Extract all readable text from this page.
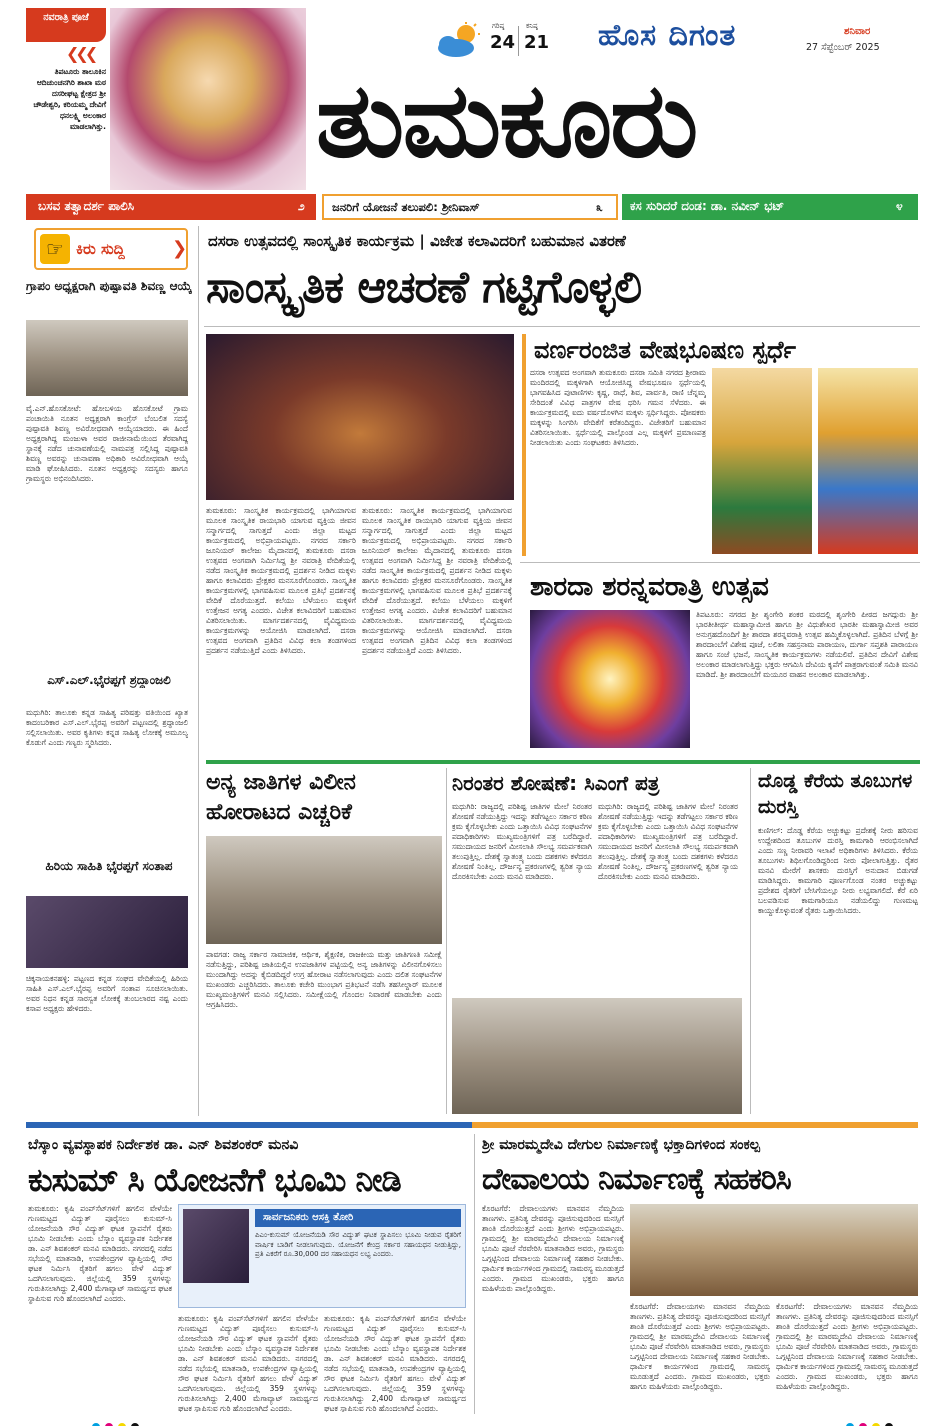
ನವರಾತ್ರಿ ಪೂಜೆ
❮❮❮
ತಿಪಟೂರು ತಾಲೂಕಿನ ಆದಿಚುಂಚನಗಿರಿ ಶಾಖಾ ಮಠ ದಸರೀಘಟ್ಟ ಕ್ಷೇತ್ರದ ಶ್ರೀ ಚೌಡೇಶ್ವರಿ, ಕರಿಯಮ್ಮ ದೇವಿಗೆ ಧನಲಕ್ಷ್ಮಿ ಅಲಂಕಾರ ಮಾಡಲಾಗಿತ್ತು.
ಗರಿಷ್ಠ
24
ಕನಿಷ್ಠ
21 ಹೊಸ ದಿಗಂತ	ಶನಿವಾರ
27 ಸೆಪ್ಟೆಂಬರ್ 2025
ತುಮಕೂರು
ಬಸವ ತತ್ವಾದರ್ಶ ಪಾಲಿಸಿ	೨ ಜನರಿಗೆ ಯೋಜನೆ ತಲುಪಲಿ: ಶ್ರೀನಿವಾಸ್	೩ ಕಸ ಸುರಿದರೆ ದಂಡ: ಡಾ. ನವೀನ್ ಭಟ್	೪
☞ ಕಿರು ಸುದ್ದಿ	❯
ಗ್ರಾಪಂ ಅಧ್ಯಕ್ಷರಾಗಿ ಪುಷ್ಪಾವತಿ ಶಿವಣ್ಣ ಆಯ್ಕೆ
ವೈ.ಎನ್.ಹೊಸಕೋಟೆ: ಹೋಬಳಿಯ ಹೊಸಕೋಟೆ ಗ್ರಾಮ ಪಂಚಾಯಿತಿ ನೂತನ ಅಧ್ಯಕ್ಷರಾಗಿ ಕಾಂಗ್ರೆಸ್ ಬೆಂಬಲಿತ ಸದಸ್ಯೆ ಪುಷ್ಪಾವತಿ ಶಿವಣ್ಣ ಅವಿರೋಧವಾಗಿ ಆಯ್ಕೆಯಾದರು. ಈ ಹಿಂದೆ ಅಧ್ಯಕ್ಷರಾಗಿದ್ದ ಮಂಜುಳಾ ಅವರ ರಾಜೀನಾಮೆಯಿಂದ ತೆರವಾಗಿದ್ದ ಸ್ಥಾನಕ್ಕೆ ನಡೆದ ಚುನಾವಣೆಯಲ್ಲಿ ನಾಮಪತ್ರ ಸಲ್ಲಿಸಿದ್ದ ಪುಷ್ಪಾವತಿ ಶಿವಣ್ಣ ಅವರನ್ನು ಚುನಾವಣಾ ಅಧಿಕಾರಿ ಅವಿರೋಧವಾಗಿ ಆಯ್ಕೆ ಮಾಡಿ ಘೋಷಿಸಿದರು. ನೂತನ ಅಧ್ಯಕ್ಷರನ್ನು ಸದಸ್ಯರು ಹಾಗೂ ಗ್ರಾಮಸ್ಥರು ಅಭಿನಂದಿಸಿದರು.
ಎಸ್.ಎಲ್.ಭೈರಪ್ಪಗೆ ಶ್ರದ್ಧಾಂಜಲಿ
ಮಧುಗಿರಿ: ತಾಲೂಕು ಕನ್ನಡ ಸಾಹಿತ್ಯ ಪರಿಷತ್ತು ವತಿಯಿಂದ ಖ್ಯಾತ ಕಾದಂಬರಿಕಾರ ಎಸ್.ಎಲ್.ಭೈರಪ್ಪ ಅವರಿಗೆ ಪಟ್ಟಣದಲ್ಲಿ ಶ್ರದ್ಧಾಂಜಲಿ ಸಲ್ಲಿಸಲಾಯಿತು. ಅವರ ಕೃತಿಗಳು ಕನ್ನಡ ಸಾಹಿತ್ಯ ಲೋಕಕ್ಕೆ ಅಮೂಲ್ಯ ಕೊಡುಗೆ ಎಂದು ಗಣ್ಯರು ಸ್ಮರಿಸಿದರು.
ಹಿರಿಯ ಸಾಹಿತಿ ಭೈರಪ್ಪಗೆ ಸಂತಾಪ
ಚಿಕ್ಕನಾಯಕನಹಳ್ಳಿ: ಪಟ್ಟಣದ ಕನ್ನಡ ಸಂಘದ ವೇದಿಕೆಯಲ್ಲಿ ಹಿರಿಯ ಸಾಹಿತಿ ಎಸ್.ಎಲ್.ಭೈರಪ್ಪ ಅವರಿಗೆ ಸಂತಾಪ ಸೂಚಿಸಲಾಯಿತು. ಅವರ ನಿಧನ ಕನ್ನಡ ಸಾರಸ್ವತ ಲೋಕಕ್ಕೆ ತುಂಬಲಾರದ ನಷ್ಟ ಎಂದು ಕಸಾಪ ಅಧ್ಯಕ್ಷರು ಹೇಳಿದರು.
ದಸರಾ ಉತ್ಸವದಲ್ಲಿ ಸಾಂಸ್ಕೃತಿಕ ಕಾರ್ಯಕ್ರಮ | ವಿಜೇತ ಕಲಾವಿದರಿಗೆ ಬಹುಮಾನ ವಿತರಣೆ
ಸಾಂಸ್ಕೃತಿಕ ಆಚರಣೆ ಗಟ್ಟಿಗೊಳ್ಳಲಿ
ತುಮಕೂರು: ಸಾಂಸ್ಕೃತಿಕ ಕಾರ್ಯಕ್ರಮದಲ್ಲಿ ಭಾಗಿಯಾಗುವ ಮೂಲಕ ಸಾಂಸ್ಕೃತಿಕ ರಾಯಭಾರಿ ಯಾಗುವ ವ್ಯಕ್ತಿಯ ಜೀವನ ಸನ್ಮಾರ್ಗದಲ್ಲಿ ಸಾಗುತ್ತದೆ ಎಂದು ಜಿಲ್ಲಾ ಮಟ್ಟದ ಕಾರ್ಯಕ್ರಮದಲ್ಲಿ ಅಭಿಪ್ರಾಯಪಟ್ಟರು. ನಗರದ ಸರ್ಕಾರಿ ಜೂನಿಯರ್ ಕಾಲೇಜು ಮೈದಾನದಲ್ಲಿ ತುಮಕೂರು ದಸರಾ ಉತ್ಸವದ ಅಂಗವಾಗಿ ನಿರ್ಮಿಸಿದ್ದ ಶ್ರೀ ನವರಾತ್ರಿ ವೇದಿಕೆಯಲ್ಲಿ ನಡೆದ ಸಾಂಸ್ಕೃತಿಕ ಕಾರ್ಯಕ್ರಮದಲ್ಲಿ ಪ್ರದರ್ಶನ ನೀಡಿದ ಮಕ್ಕಳು ಹಾಗೂ ಕಲಾವಿದರು ಪ್ರೇಕ್ಷಕರ ಮನಸೂರೆಗೊಂಡರು. ಸಾಂಸ್ಕೃತಿಕ ಕಾರ್ಯಕ್ರಮಗಳಲ್ಲಿ ಭಾಗವಹಿಸುವ ಮೂಲಕ ಪ್ರತಿಭೆ ಪ್ರದರ್ಶನಕ್ಕೆ ವೇದಿಕೆ ದೊರೆಯುತ್ತದೆ. ಕಲೆಯು ಬೆಳೆಯಲು ಮಕ್ಕಳಿಗೆ ಉತ್ತೇಜನ ಅಗತ್ಯ ಎಂದರು. ವಿಜೇತ ಕಲಾವಿದರಿಗೆ ಬಹುಮಾನ ವಿತರಿಸಲಾಯಿತು. ಮಾರ್ಗದರ್ಶನದಲ್ಲಿ ವೈವಿಧ್ಯಮಯ ಕಾರ್ಯಕ್ರಮಗಳನ್ನು ಆಯೋಜಿಸಿ ಮಾಡಲಾಗಿದೆ. ದಸರಾ ಉತ್ಸವದ ಅಂಗವಾಗಿ ಪ್ರತಿದಿನ ವಿವಿಧ ಕಲಾ ತಂಡಗಳಿಂದ ಪ್ರದರ್ಶನ ನಡೆಯುತ್ತಿದೆ ಎಂದು ತಿಳಿಸಿದರು.
ತುಮಕೂರು: ಸಾಂಸ್ಕೃತಿಕ ಕಾರ್ಯಕ್ರಮದಲ್ಲಿ ಭಾಗಿಯಾಗುವ ಮೂಲಕ ಸಾಂಸ್ಕೃತಿಕ ರಾಯಭಾರಿ ಯಾಗುವ ವ್ಯಕ್ತಿಯ ಜೀವನ ಸನ್ಮಾರ್ಗದಲ್ಲಿ ಸಾಗುತ್ತದೆ ಎಂದು ಜಿಲ್ಲಾ ಮಟ್ಟದ ಕಾರ್ಯಕ್ರಮದಲ್ಲಿ ಅಭಿಪ್ರಾಯಪಟ್ಟರು. ನಗರದ ಸರ್ಕಾರಿ ಜೂನಿಯರ್ ಕಾಲೇಜು ಮೈದಾನದಲ್ಲಿ ತುಮಕೂರು ದಸರಾ ಉತ್ಸವದ ಅಂಗವಾಗಿ ನಿರ್ಮಿಸಿದ್ದ ಶ್ರೀ ನವರಾತ್ರಿ ವೇದಿಕೆಯಲ್ಲಿ ನಡೆದ ಸಾಂಸ್ಕೃತಿಕ ಕಾರ್ಯಕ್ರಮದಲ್ಲಿ ಪ್ರದರ್ಶನ ನೀಡಿದ ಮಕ್ಕಳು ಹಾಗೂ ಕಲಾವಿದರು ಪ್ರೇಕ್ಷಕರ ಮನಸೂರೆಗೊಂಡರು. ಸಾಂಸ್ಕೃತಿಕ ಕಾರ್ಯಕ್ರಮಗಳಲ್ಲಿ ಭಾಗವಹಿಸುವ ಮೂಲಕ ಪ್ರತಿಭೆ ಪ್ರದರ್ಶನಕ್ಕೆ ವೇದಿಕೆ ದೊರೆಯುತ್ತದೆ. ಕಲೆಯು ಬೆಳೆಯಲು ಮಕ್ಕಳಿಗೆ ಉತ್ತೇಜನ ಅಗತ್ಯ ಎಂದರು. ವಿಜೇತ ಕಲಾವಿದರಿಗೆ ಬಹುಮಾನ ವಿತರಿಸಲಾಯಿತು. ಮಾರ್ಗದರ್ಶನದಲ್ಲಿ ವೈವಿಧ್ಯಮಯ ಕಾರ್ಯಕ್ರಮಗಳನ್ನು ಆಯೋಜಿಸಿ ಮಾಡಲಾಗಿದೆ. ದಸರಾ ಉತ್ಸವದ ಅಂಗವಾಗಿ ಪ್ರತಿದಿನ ವಿವಿಧ ಕಲಾ ತಂಡಗಳಿಂದ ಪ್ರದರ್ಶನ ನಡೆಯುತ್ತಿದೆ ಎಂದು ತಿಳಿಸಿದರು.
ವರ್ಣರಂಜಿತ ವೇಷಭೂಷಣ ಸ್ಪರ್ಧೆ
ದಸರಾ ಉತ್ಸವದ ಅಂಗವಾಗಿ ತುಮಕೂರು ದಸರಾ ಸಮಿತಿ ನಗರದ ಶ್ರೀರಾಮ ಮಂದಿರದಲ್ಲಿ ಮಕ್ಕಳಿಗಾಗಿ ಆಯೋಜಿಸಿದ್ದ ವೇಷಭೂಷಣ ಸ್ಪರ್ಧೆಯಲ್ಲಿ ಭಾಗವಹಿಸಿದ ಪುಟಾಣಿಗಳು ಕೃಷ್ಣ, ರಾಧೆ, ಶಿವ, ಪಾರ್ವತಿ, ರಾಣಿ ಚೆನ್ನಮ್ಮ ಸೇರಿದಂತೆ ವಿವಿಧ ಪಾತ್ರಗಳ ವೇಷ ಧರಿಸಿ ಗಮನ ಸೆಳೆದರು. ಈ ಕಾರ್ಯಕ್ರಮದಲ್ಲಿ ಐದು ವರ್ಷದೊಳಗಿನ ಮಕ್ಕಳು ಸ್ಪರ್ಧಿಸಿದ್ದರು. ಪೋಷಕರು ಮಕ್ಕಳನ್ನು ಸಿಂಗರಿಸಿ ವೇದಿಕೆಗೆ ಕರೆತಂದಿದ್ದರು. ವಿಜೇತರಿಗೆ ಬಹುಮಾನ ವಿತರಿಸಲಾಯಿತು. ಸ್ಪರ್ಧೆಯಲ್ಲಿ ಪಾಲ್ಗೊಂಡ ಎಲ್ಲ ಮಕ್ಕಳಿಗೆ ಪ್ರಮಾಣಪತ್ರ ನೀಡಲಾಯಿತು ಎಂದು ಸಂಘಟಕರು ತಿಳಿಸಿದರು.
ಶಾರದಾ ಶರನ್ನವರಾತ್ರಿ ಉತ್ಸವ
ತಿಪಟೂರು: ನಗರದ ಶ್ರೀ ಶೃಂಗೇರಿ ಶಂಕರ ಮಠದಲ್ಲಿ ಶೃಂಗೇರಿ ಪೀಠದ ಜಗದ್ಗುರು ಶ್ರೀ ಭಾರತೀತೀರ್ಥ ಮಹಾಸ್ವಾಮೀಜಿ ಹಾಗೂ ಶ್ರೀ ವಿಧುಶೇಖರ ಭಾರತೀ ಮಹಾಸ್ವಾಮೀಜಿ ಅವರ ಅನುಗ್ರಹದೊಂದಿಗೆ ಶ್ರೀ ಶಾರದಾ ಶರನ್ನವರಾತ್ರಿ ಉತ್ಸವ ಹಮ್ಮಿಕೊಳ್ಳಲಾಗಿದೆ. ಪ್ರತಿದಿನ ಬೆಳಗ್ಗೆ ಶ್ರೀ ಶಾರದಾಂಬೆಗೆ ವಿಶೇಷ ಪೂಜೆ, ಲಲಿತಾ ಸಹಸ್ರನಾಮ ಪಾರಾಯಣ, ದುರ್ಗಾ ಸಪ್ತಶತಿ ಪಾರಾಯಣ ಹಾಗೂ ಸಂಜೆ ಭಜನೆ, ಸಾಂಸ್ಕೃತಿಕ ಕಾರ್ಯಕ್ರಮಗಳು ನಡೆಯಲಿವೆ. ಪ್ರತಿದಿನ ದೇವಿಗೆ ವಿಶೇಷ ಅಲಂಕಾರ ಮಾಡಲಾಗುತ್ತಿದ್ದು ಭಕ್ತರು ಆಗಮಿಸಿ ದೇವಿಯ ಕೃಪೆಗೆ ಪಾತ್ರರಾಗುವಂತೆ ಸಮಿತಿ ಮನವಿ ಮಾಡಿದೆ. ಶ್ರೀ ಶಾರದಾಂಬೆಗೆ ಮಯೂರ ವಾಹನ ಅಲಂಕಾರ ಮಾಡಲಾಗಿತ್ತು.
ಅನ್ಯ ಜಾತಿಗಳ ವಿಲೀನ ಹೋರಾಟದ ಎಚ್ಚರಿಕೆ
ಪಾವಗಡ: ರಾಜ್ಯ ಸರ್ಕಾರ ಸಾಮಾಜಿಕ, ಆರ್ಥಿಕ, ಶೈಕ್ಷಣಿಕ, ರಾಜಕೀಯ ಮತ್ತು ಜಾತಿಗಣತಿ ಸಮೀಕ್ಷೆ ನಡೆಸುತ್ತಿದ್ದು, ಪರಿಶಿಷ್ಟ ಜಾತಿಯಲ್ಲಿನ ಉಪಜಾತಿಗಳ ಪಟ್ಟಿಯಲ್ಲಿ ಅನ್ಯ ಜಾತಿಗಳನ್ನು ವಿಲೀನಗೊಳಿಸಲು ಮುಂದಾಗಿದ್ದು ಅದನ್ನು ಕೈಬಿಡದಿದ್ದರೆ ಉಗ್ರ ಹೋರಾಟ ನಡೆಸಲಾಗುವುದು ಎಂದು ದಲಿತ ಸಂಘಟನೆಗಳ ಮುಖಂಡರು ಎಚ್ಚರಿಸಿದರು. ತಾಲೂಕು ಕಚೇರಿ ಮುಂಭಾಗ ಪ್ರತಿಭಟನೆ ನಡೆಸಿ ತಹಸೀಲ್ದಾರ್ ಮೂಲಕ ಮುಖ್ಯಮಂತ್ರಿಗಳಿಗೆ ಮನವಿ ಸಲ್ಲಿಸಿದರು. ಸಮೀಕ್ಷೆಯಲ್ಲಿ ಗೊಂದಲ ನಿವಾರಣೆ ಮಾಡಬೇಕು ಎಂದು ಆಗ್ರಹಿಸಿದರು.
ನಿರಂತರ ಶೋಷಣೆ: ಸಿಎಂಗೆ ಪತ್ರ
ಮಧುಗಿರಿ: ರಾಜ್ಯದಲ್ಲಿ ಪರಿಶಿಷ್ಟ ಜಾತಿಗಳ ಮೇಲೆ ನಿರಂತರ ಶೋಷಣೆ ನಡೆಯುತ್ತಿದ್ದು ಇದನ್ನು ತಡೆಗಟ್ಟಲು ಸರ್ಕಾರ ಕಠಿಣ ಕ್ರಮ ಕೈಗೊಳ್ಳಬೇಕು ಎಂದು ಒತ್ತಾಯಿಸಿ ವಿವಿಧ ಸಂಘಟನೆಗಳ ಪದಾಧಿಕಾರಿಗಳು ಮುಖ್ಯಮಂತ್ರಿಗಳಿಗೆ ಪತ್ರ ಬರೆದಿದ್ದಾರೆ. ಸಮುದಾಯದ ಜನರಿಗೆ ಮೀಸಲಾತಿ ಸೌಲಭ್ಯ ಸಮರ್ಪಕವಾಗಿ ತಲುಪುತ್ತಿಲ್ಲ. ದೇಶಕ್ಕೆ ಸ್ವಾತಂತ್ರ್ಯ ಬಂದು ದಶಕಗಳು ಕಳೆದರೂ ಶೋಷಣೆ ನಿಂತಿಲ್ಲ. ದೌರ್ಜನ್ಯ ಪ್ರಕರಣಗಳಲ್ಲಿ ತ್ವರಿತ ನ್ಯಾಯ ದೊರಕಿಸಬೇಕು ಎಂದು ಮನವಿ ಮಾಡಿದರು.
ಮಧುಗಿರಿ: ರಾಜ್ಯದಲ್ಲಿ ಪರಿಶಿಷ್ಟ ಜಾತಿಗಳ ಮೇಲೆ ನಿರಂತರ ಶೋಷಣೆ ನಡೆಯುತ್ತಿದ್ದು ಇದನ್ನು ತಡೆಗಟ್ಟಲು ಸರ್ಕಾರ ಕಠಿಣ ಕ್ರಮ ಕೈಗೊಳ್ಳಬೇಕು ಎಂದು ಒತ್ತಾಯಿಸಿ ವಿವಿಧ ಸಂಘಟನೆಗಳ ಪದಾಧಿಕಾರಿಗಳು ಮುಖ್ಯಮಂತ್ರಿಗಳಿಗೆ ಪತ್ರ ಬರೆದಿದ್ದಾರೆ. ಸಮುದಾಯದ ಜನರಿಗೆ ಮೀಸಲಾತಿ ಸೌಲಭ್ಯ ಸಮರ್ಪಕವಾಗಿ ತಲುಪುತ್ತಿಲ್ಲ. ದೇಶಕ್ಕೆ ಸ್ವಾತಂತ್ರ್ಯ ಬಂದು ದಶಕಗಳು ಕಳೆದರೂ ಶೋಷಣೆ ನಿಂತಿಲ್ಲ. ದೌರ್ಜನ್ಯ ಪ್ರಕರಣಗಳಲ್ಲಿ ತ್ವರಿತ ನ್ಯಾಯ ದೊರಕಿಸಬೇಕು ಎಂದು ಮನವಿ ಮಾಡಿದರು.
ದೊಡ್ಡ ಕೆರೆಯ ತೂಬುಗಳ ದುರಸ್ತಿ
ಕುಣಿಗಲ್: ದೊಡ್ಡ ಕೆರೆಯ ಅಚ್ಚುಕಟ್ಟು ಪ್ರದೇಶಕ್ಕೆ ನೀರು ಹರಿಸುವ ಉದ್ದೇಶದಿಂದ ತೂಬುಗಳ ದುರಸ್ತಿ ಕಾಮಗಾರಿ ಆರಂಭಿಸಲಾಗಿದೆ ಎಂದು ಸಣ್ಣ ನೀರಾವರಿ ಇಲಾಖೆ ಅಧಿಕಾರಿಗಳು ತಿಳಿಸಿದರು. ಕೆರೆಯ ತೂಬುಗಳು ಶಿಥಿಲಗೊಂಡಿದ್ದರಿಂದ ನೀರು ಪೋಲಾಗುತ್ತಿತ್ತು. ರೈತರ ಮನವಿ ಮೇರೆಗೆ ಶಾಸಕರು ದುರಸ್ತಿಗೆ ಅನುದಾನ ಬಿಡುಗಡೆ ಮಾಡಿಸಿದ್ದರು. ಕಾಮಗಾರಿ ಪೂರ್ಣಗೊಂಡ ನಂತರ ಅಚ್ಚುಕಟ್ಟು ಪ್ರದೇಶದ ರೈತರಿಗೆ ಬೇಸಿಗೆಯಲ್ಲೂ ನೀರು ಲಭ್ಯವಾಗಲಿದೆ. ಕೆರೆ ಏರಿ ಬಲಪಡಿಸುವ ಕಾಮಗಾರಿಯೂ ನಡೆಯಲಿದ್ದು ಗುಣಮಟ್ಟ ಕಾಯ್ದುಕೊಳ್ಳುವಂತೆ ರೈತರು ಒತ್ತಾಯಿಸಿದರು.
ಬೆಸ್ಕಾಂ ವ್ಯವಸ್ಥಾಪಕ ನಿರ್ದೇಶಕ ಡಾ. ಎನ್ ಶಿವಶಂಕರ್ ಮನವಿ
ಕುಸುಮ್ ಸಿ ಯೋಜನೆಗೆ ಭೂಮಿ ನೀಡಿ
ತುಮಕೂರು: ಕೃಷಿ ಪಂಪ್‌ಸೆಟ್‌ಗಳಿಗೆ ಹಗಲಿನ ವೇಳೆಯೇ ಗುಣಮಟ್ಟದ ವಿದ್ಯುತ್ ಪೂರೈಸಲು ಕುಸುಮ್-ಸಿ ಯೋಜನೆಯಡಿ ಸೌರ ವಿದ್ಯುತ್ ಘಟಕ ಸ್ಥಾಪನೆಗೆ ರೈತರು ಭೂಮಿ ನೀಡಬೇಕು ಎಂದು ಬೆಸ್ಕಾಂ ವ್ಯವಸ್ಥಾಪಕ ನಿರ್ದೇಶಕ ಡಾ. ಎನ್ ಶಿವಶಂಕರ್ ಮನವಿ ಮಾಡಿದರು. ನಗರದಲ್ಲಿ ನಡೆದ ಸಭೆಯಲ್ಲಿ ಮಾತನಾಡಿ, ಉಪಕೇಂದ್ರಗಳ ವ್ಯಾಪ್ತಿಯಲ್ಲಿ ಸೌರ ಘಟಕ ನಿರ್ಮಿಸಿ ರೈತರಿಗೆ ಹಗಲು ವೇಳೆ ವಿದ್ಯುತ್ ಒದಗಿಸಲಾಗುವುದು. ಜಿಲ್ಲೆಯಲ್ಲಿ 359 ಸ್ಥಳಗಳನ್ನು ಗುರುತಿಸಲಾಗಿದ್ದು 2,400 ಮೆಗಾವ್ಯಾಟ್ ಸಾಮರ್ಥ್ಯದ ಘಟಕ ಸ್ಥಾಪಿಸುವ ಗುರಿ ಹೊಂದಲಾಗಿದೆ ಎಂದರು.
ಸಾರ್ವಜನಿಕರು ಆಸಕ್ತಿ ತೋರಿ
ಪಿಎಂ-ಕುಸುಮ್ ಯೋಜನೆಯಡಿ ಸೌರ ವಿದ್ಯುತ್ ಘಟಕ ಸ್ಥಾಪಿಸಲು ಭೂಮಿ ನೀಡುವ ರೈತರಿಗೆ ವಾರ್ಷಿಕ ಬಾಡಿಗೆ ನೀಡಲಾಗುವುದು. ಯೋಜನೆಗೆ ಕೇಂದ್ರ ಸರ್ಕಾರ ಸಹಾಯಧನ ನೀಡುತ್ತಿದ್ದು, ಪ್ರತಿ ಎಕರೆಗೆ ರೂ.30,000 ದರ ಸಹಾಯಧನ ಲಭ್ಯ ಎಂದರು.
ತುಮಕೂರು: ಕೃಷಿ ಪಂಪ್‌ಸೆಟ್‌ಗಳಿಗೆ ಹಗಲಿನ ವೇಳೆಯೇ ಗುಣಮಟ್ಟದ ವಿದ್ಯುತ್ ಪೂರೈಸಲು ಕುಸುಮ್-ಸಿ ಯೋಜನೆಯಡಿ ಸೌರ ವಿದ್ಯುತ್ ಘಟಕ ಸ್ಥಾಪನೆಗೆ ರೈತರು ಭೂಮಿ ನೀಡಬೇಕು ಎಂದು ಬೆಸ್ಕಾಂ ವ್ಯವಸ್ಥಾಪಕ ನಿರ್ದೇಶಕ ಡಾ. ಎನ್ ಶಿವಶಂಕರ್ ಮನವಿ ಮಾಡಿದರು. ನಗರದಲ್ಲಿ ನಡೆದ ಸಭೆಯಲ್ಲಿ ಮಾತನಾಡಿ, ಉಪಕೇಂದ್ರಗಳ ವ್ಯಾಪ್ತಿಯಲ್ಲಿ ಸೌರ ಘಟಕ ನಿರ್ಮಿಸಿ ರೈತರಿಗೆ ಹಗಲು ವೇಳೆ ವಿದ್ಯುತ್ ಒದಗಿಸಲಾಗುವುದು. ಜಿಲ್ಲೆಯಲ್ಲಿ 359 ಸ್ಥಳಗಳನ್ನು ಗುರುತಿಸಲಾಗಿದ್ದು 2,400 ಮೆಗಾವ್ಯಾಟ್ ಸಾಮರ್ಥ್ಯದ ಘಟಕ ಸ್ಥಾಪಿಸುವ ಗುರಿ ಹೊಂದಲಾಗಿದೆ ಎಂದರು.
ತುಮಕೂರು: ಕೃಷಿ ಪಂಪ್‌ಸೆಟ್‌ಗಳಿಗೆ ಹಗಲಿನ ವೇಳೆಯೇ ಗುಣಮಟ್ಟದ ವಿದ್ಯುತ್ ಪೂರೈಸಲು ಕುಸುಮ್-ಸಿ ಯೋಜನೆಯಡಿ ಸೌರ ವಿದ್ಯುತ್ ಘಟಕ ಸ್ಥಾಪನೆಗೆ ರೈತರು ಭೂಮಿ ನೀಡಬೇಕು ಎಂದು ಬೆಸ್ಕಾಂ ವ್ಯವಸ್ಥಾಪಕ ನಿರ್ದೇಶಕ ಡಾ. ಎನ್ ಶಿವಶಂಕರ್ ಮನವಿ ಮಾಡಿದರು. ನಗರದಲ್ಲಿ ನಡೆದ ಸಭೆಯಲ್ಲಿ ಮಾತನಾಡಿ, ಉಪಕೇಂದ್ರಗಳ ವ್ಯಾಪ್ತಿಯಲ್ಲಿ ಸೌರ ಘಟಕ ನಿರ್ಮಿಸಿ ರೈತರಿಗೆ ಹಗಲು ವೇಳೆ ವಿದ್ಯುತ್ ಒದಗಿಸಲಾಗುವುದು. ಜಿಲ್ಲೆಯಲ್ಲಿ 359 ಸ್ಥಳಗಳನ್ನು ಗುರುತಿಸಲಾಗಿದ್ದು 2,400 ಮೆಗಾವ್ಯಾಟ್ ಸಾಮರ್ಥ್ಯದ ಘಟಕ ಸ್ಥಾಪಿಸುವ ಗುರಿ ಹೊಂದಲಾಗಿದೆ ಎಂದರು.
ಶ್ರೀ ಮಾರಮ್ಮದೇವಿ ದೇಗುಲ ನಿರ್ಮಾಣಕ್ಕೆ ಭಕ್ತಾದಿಗಳಿಂದ ಸಂಕಲ್ಪ
ದೇವಾಲಯ ನಿರ್ಮಾಣಕ್ಕೆ ಸಹಕರಿಸಿ
ಕೊರಟಗೆರೆ: ದೇವಾಲಯಗಳು ಮಾನವನ ನೆಮ್ಮದಿಯ ತಾಣಗಳು. ಪ್ರತಿನಿತ್ಯ ದೇವರನ್ನು ಪೂಜಿಸುವುದರಿಂದ ಮನಸ್ಸಿಗೆ ಶಾಂತಿ ದೊರೆಯುತ್ತದೆ ಎಂದು ಶ್ರೀಗಳು ಅಭಿಪ್ರಾಯಪಟ್ಟರು. ಗ್ರಾಮದಲ್ಲಿ ಶ್ರೀ ಮಾರಮ್ಮದೇವಿ ದೇವಾಲಯ ನಿರ್ಮಾಣಕ್ಕೆ ಭೂಮಿ ಪೂಜೆ ನೆರವೇರಿಸಿ ಮಾತನಾಡಿದ ಅವರು, ಗ್ರಾಮಸ್ಥರು ಒಗ್ಗಟ್ಟಿನಿಂದ ದೇವಾಲಯ ನಿರ್ಮಾಣಕ್ಕೆ ಸಹಕಾರ ನೀಡಬೇಕು. ಧಾರ್ಮಿಕ ಕಾರ್ಯಗಳಿಂದ ಗ್ರಾಮದಲ್ಲಿ ಸಾಮರಸ್ಯ ಮೂಡುತ್ತದೆ ಎಂದರು. ಗ್ರಾಮದ ಮುಖಂಡರು, ಭಕ್ತರು ಹಾಗೂ ಮಹಿಳೆಯರು ಪಾಲ್ಗೊಂಡಿದ್ದರು.
ಕೊರಟಗೆರೆ: ದೇವಾಲಯಗಳು ಮಾನವನ ನೆಮ್ಮದಿಯ ತಾಣಗಳು. ಪ್ರತಿನಿತ್ಯ ದೇವರನ್ನು ಪೂಜಿಸುವುದರಿಂದ ಮನಸ್ಸಿಗೆ ಶಾಂತಿ ದೊರೆಯುತ್ತದೆ ಎಂದು ಶ್ರೀಗಳು ಅಭಿಪ್ರಾಯಪಟ್ಟರು. ಗ್ರಾಮದಲ್ಲಿ ಶ್ರೀ ಮಾರಮ್ಮದೇವಿ ದೇವಾಲಯ ನಿರ್ಮಾಣಕ್ಕೆ ಭೂಮಿ ಪೂಜೆ ನೆರವೇರಿಸಿ ಮಾತನಾಡಿದ ಅವರು, ಗ್ರಾಮಸ್ಥರು ಒಗ್ಗಟ್ಟಿನಿಂದ ದೇವಾಲಯ ನಿರ್ಮಾಣಕ್ಕೆ ಸಹಕಾರ ನೀಡಬೇಕು. ಧಾರ್ಮಿಕ ಕಾರ್ಯಗಳಿಂದ ಗ್ರಾಮದಲ್ಲಿ ಸಾಮರಸ್ಯ ಮೂಡುತ್ತದೆ ಎಂದರು. ಗ್ರಾಮದ ಮುಖಂಡರು, ಭಕ್ತರು ಹಾಗೂ ಮಹಿಳೆಯರು ಪಾಲ್ಗೊಂಡಿದ್ದರು.
ಕೊರಟಗೆರೆ: ದೇವಾಲಯಗಳು ಮಾನವನ ನೆಮ್ಮದಿಯ ತಾಣಗಳು. ಪ್ರತಿನಿತ್ಯ ದೇವರನ್ನು ಪೂಜಿಸುವುದರಿಂದ ಮನಸ್ಸಿಗೆ ಶಾಂತಿ ದೊರೆಯುತ್ತದೆ ಎಂದು ಶ್ರೀಗಳು ಅಭಿಪ್ರಾಯಪಟ್ಟರು. ಗ್ರಾಮದಲ್ಲಿ ಶ್ರೀ ಮಾರಮ್ಮದೇವಿ ದೇವಾಲಯ ನಿರ್ಮಾಣಕ್ಕೆ ಭೂಮಿ ಪೂಜೆ ನೆರವೇರಿಸಿ ಮಾತನಾಡಿದ ಅವರು, ಗ್ರಾಮಸ್ಥರು ಒಗ್ಗಟ್ಟಿನಿಂದ ದೇವಾಲಯ ನಿರ್ಮಾಣಕ್ಕೆ ಸಹಕಾರ ನೀಡಬೇಕು. ಧಾರ್ಮಿಕ ಕಾರ್ಯಗಳಿಂದ ಗ್ರಾಮದಲ್ಲಿ ಸಾಮರಸ್ಯ ಮೂಡುತ್ತದೆ ಎಂದರು. ಗ್ರಾಮದ ಮುಖಂಡರು, ಭಕ್ತರು ಹಾಗೂ ಮಹಿಳೆಯರು ಪಾಲ್ಗೊಂಡಿದ್ದರು.
